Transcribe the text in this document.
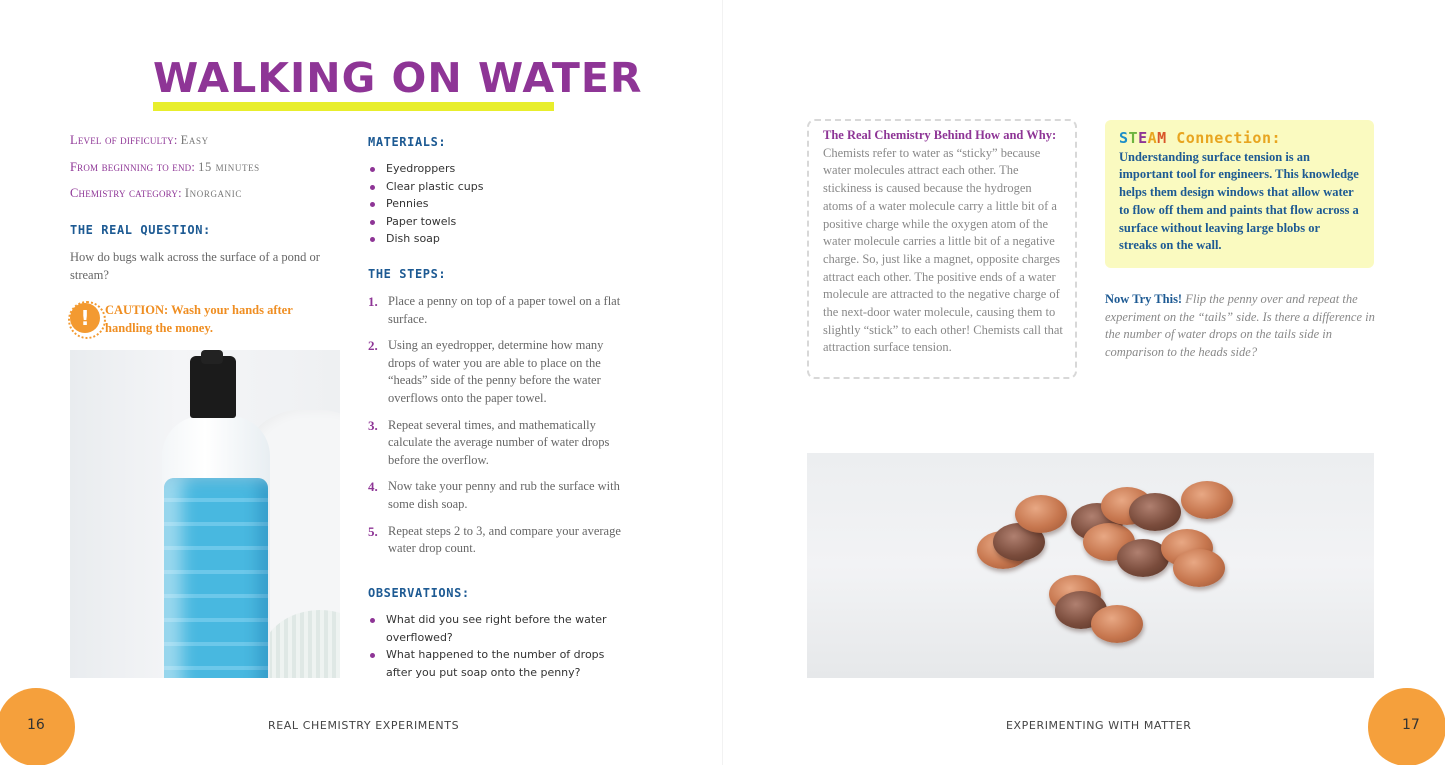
WALKING ON WATER
Level of difficulty: Easy
From beginning to end: 15 minutes
Chemistry category: Inorganic
THE REAL QUESTION:

How do bugs walk across the surface of a pond or stream?

!	CAUTION: Wash your hands after handling the money.

MATERIALS:
Eyedroppers
Clear plastic cups
Pennies
Paper towels
Dish soap
THE STEPS:
1. Place a penny on top of a paper towel on a flat surface.
2. Using an eyedropper, determine how many drops of water you are able to place on the “heads” side of the penny before the water overflows onto the paper towel.
3. Repeat several times, and mathematically calculate the average number of water drops before the overflow.
4. Now take your penny and rub the surface with some dish soap.
5. Repeat steps 2 to 3, and compare your average water drop count.
OBSERVATIONS:
What did you see right before the water overflowed?
What happened to the number of drops after you put soap onto the penny?
16	REAL CHEMISTRY EXPERIMENTS
The Real Chemistry Behind How and Why: Chemists refer to water as “sticky” because water molecules attract each other. The stickiness is caused because the hydrogen atoms of a water molecule carry a little bit of a positive charge while the oxygen atom of the water molecule carries a little bit of a negative charge. So, just like a magnet, opposite charges attract each other. The positive ends of a water molecule are attracted to the negative charge of the next-door water molecule, causing them to slightly “stick” to each other! Chemists call that attraction surface tension.
STEAM Connection: Understanding surface tension is an important tool for engineers. This knowledge helps them design windows that allow water to flow off them and paints that flow across a surface without leaving large blobs or streaks on the wall.

Now Try This! Flip the penny over and repeat the experiment on the “tails” side. Is there a difference in the number of water drops on the tails side in comparison to the heads side?

17
EXPERIMENTING WITH MATTER
